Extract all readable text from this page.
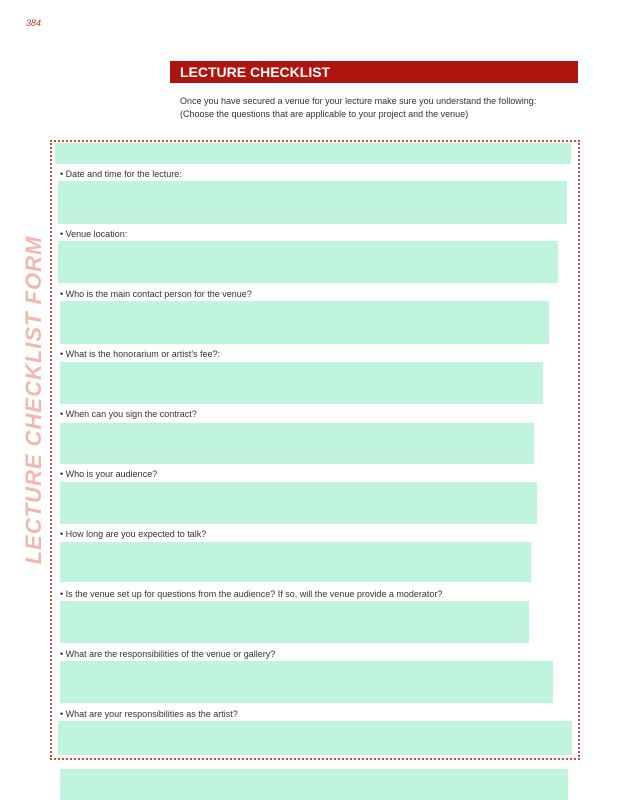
384
LECTURE CHECKLIST
Once you have secured a venue for your lecture make sure you understand the following:
(Choose the questions that are applicable to your project and the venue)
LECTURE CHECKLIST FORM
• Date and time for the lecture:
• Venue location:
• Who is the main contact person for the venue?
• What is the honorarium or artist’s fee?:
• When can you sign the contract?
• Who is your audience?
• How long are you expected to talk?
• Is the venue set up for questions from the audience? If so, will the venue provide a moderator?
• What are the responsibilities of the venue or gallery?
• What are your responsibilities as the artist?
